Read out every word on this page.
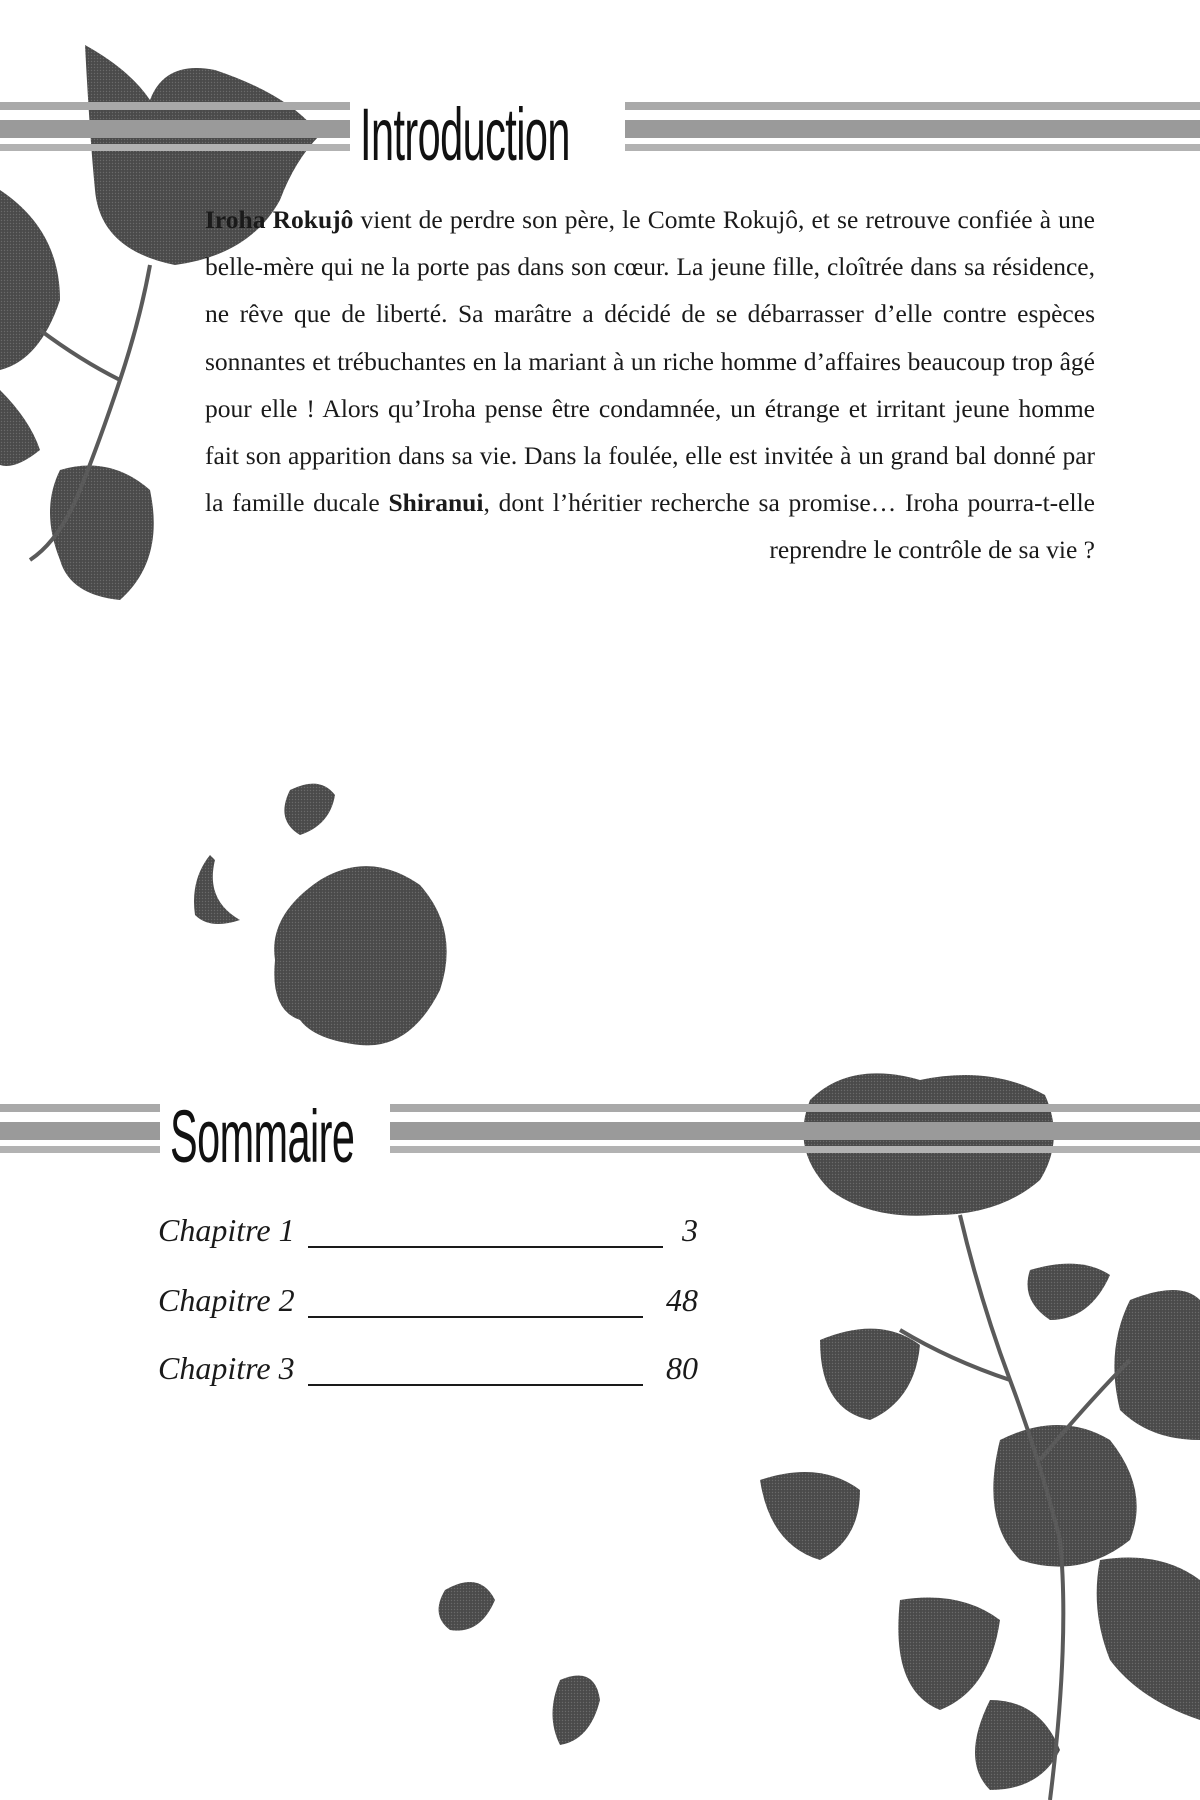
Introduction

Iroha Rokujô vient de perdre son père, le Comte Rokujô, et se retrouve confiée à une belle-mère qui ne la porte pas dans son cœur. La jeune fille, cloîtrée dans sa résidence, ne rêve que de liberté. Sa marâtre a décidé de se débarrasser d’elle contre espèces sonnantes et trébuchantes en la mariant à un riche homme d’affaires beaucoup trop âgé pour elle ! Alors qu’Iroha pense être condamnée, un étrange et irritant jeune homme fait son apparition dans sa vie. Dans la foulée, elle est invitée à un grand bal donné par la famille ducale Shiranui, dont l’héritier recherche sa promise… Iroha pourra-t-elle reprendre le contrôle de sa vie ?

Sommaire
Chapitre 1	3
Chapitre 2	48
Chapitre 3	80
